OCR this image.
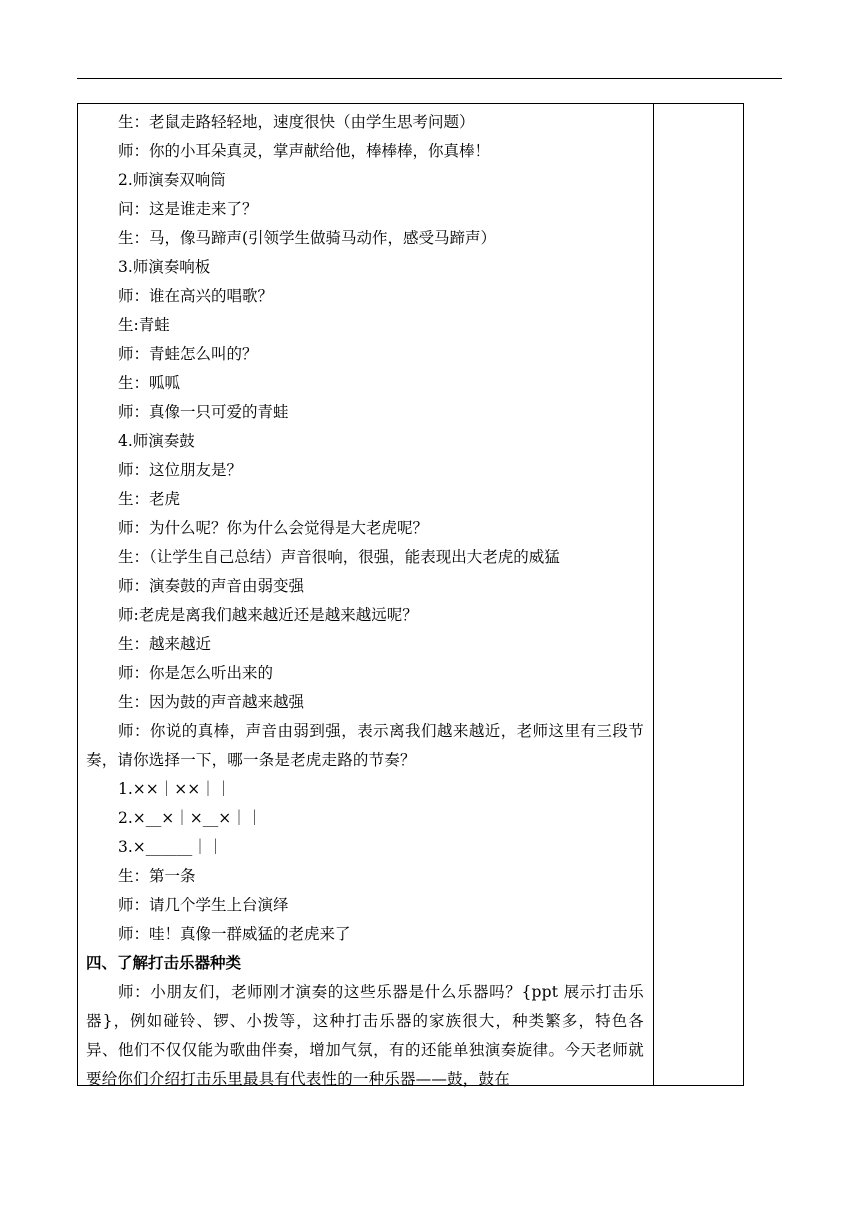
生：老鼠走路轻轻地，速度很快（由学生思考问题）
师：你的小耳朵真灵，掌声献给他，棒棒棒，你真棒！
2.师演奏双响筒
问：这是谁走来了？
生：马，像马蹄声(引领学生做骑马动作，感受马蹄声）
3.师演奏响板
师：谁在高兴的唱歌？
生:青蛙
师：青蛙怎么叫的？
生：呱呱
师：真像一只可爱的青蛙
4.师演奏鼓
师：这位朋友是？
生：老虎
师：为什么呢？你为什么会觉得是大老虎呢？
生：（让学生自己总结）声音很响，很强，能表现出大老虎的威猛
师：演奏鼓的声音由弱变强
师:老虎是离我们越来越近还是越来越远呢？
生：越来越近
师：你是怎么听出来的
生：因为鼓的声音越来越强
师：你说的真棒，声音由弱到强，表示离我们越来越近，老师这里有三段节奏，请你选择一下，哪一条是老虎走路的节奏？
1.××｜××｜｜
2.×__×｜×__×｜｜
3.×______｜｜
生：第一条
师：请几个学生上台演绎
师：哇！真像一群威猛的老虎来了
四、了解打击乐器种类
师：小朋友们，老师刚才演奏的这些乐器是什么乐器吗？{ppt 展示打击乐器}，例如碰铃、锣、小拨等，这种打击乐器的家族很大，种类繁多，特色各异、他们不仅仅能为歌曲伴奏，增加气氛，有的还能单独演奏旋律。今天老师就要给你们介绍打击乐里最具有代表性的一种乐器——鼓，鼓在
